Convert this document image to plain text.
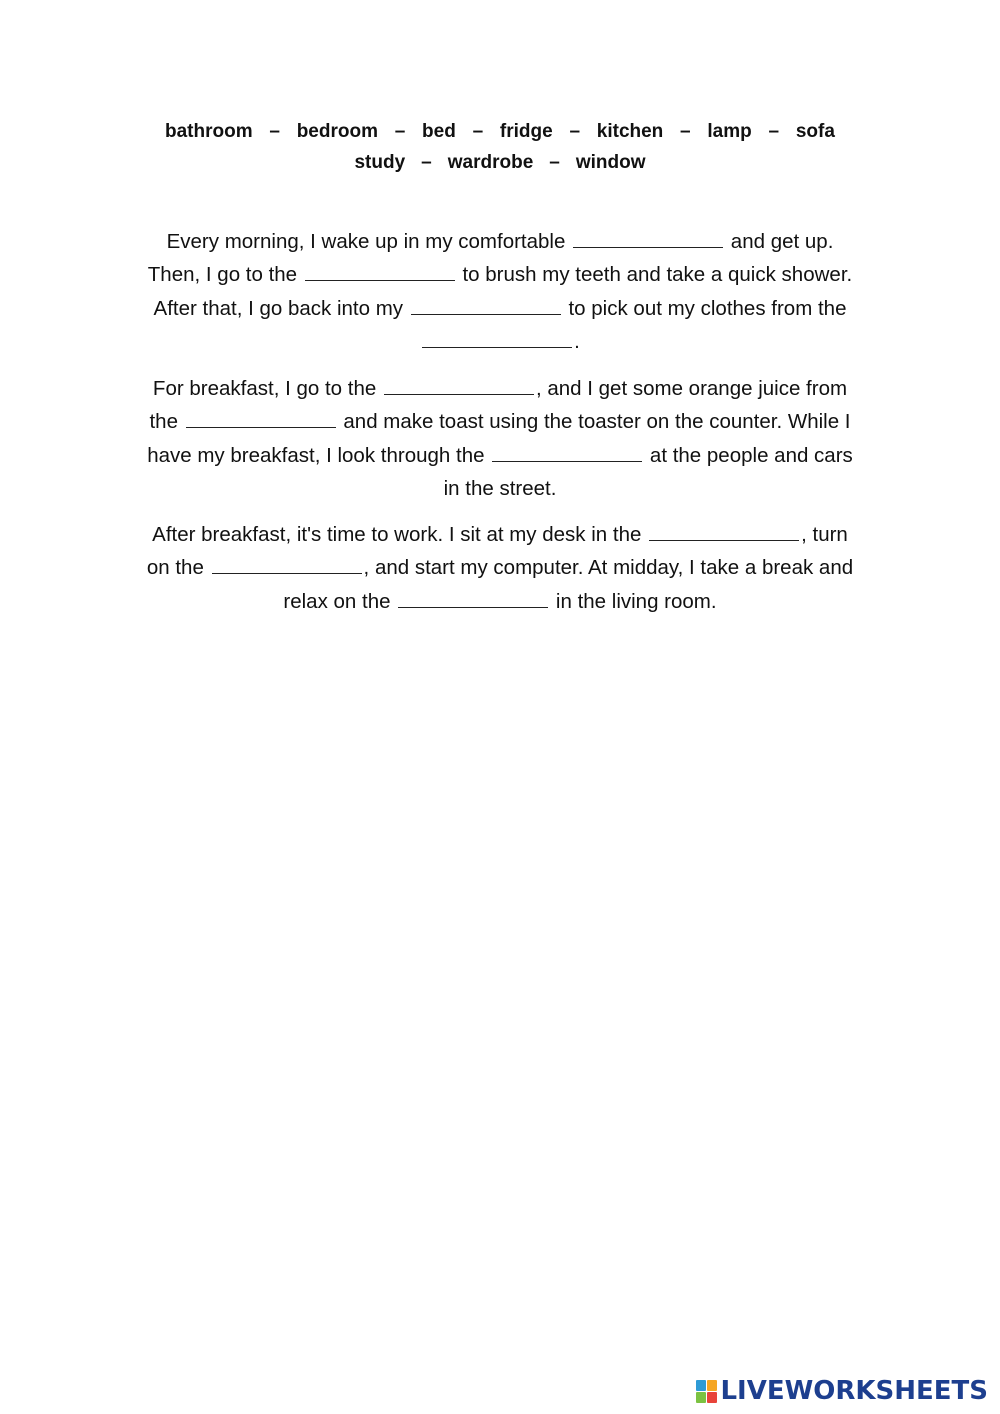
bathroom – bedroom – bed – fridge – kitchen – lamp – sofa
study – wardrobe – window
Every morning, I wake up in my comfortable	and get up. Then, I go to the	to brush my teeth and take a quick shower. After that, I go back into my	to pick out my clothes from the .
For breakfast, I go to the	, and I get some orange juice from the	and make toast using the toaster on the counter. While I have my breakfast, I look through the	at the people and cars in the street.
After breakfast, it's time to work. I sit at my desk in the	, turn on the	, and start my computer. At midday, I take a break and relax on the	in the living room.
LIVEWORKSHEETS
